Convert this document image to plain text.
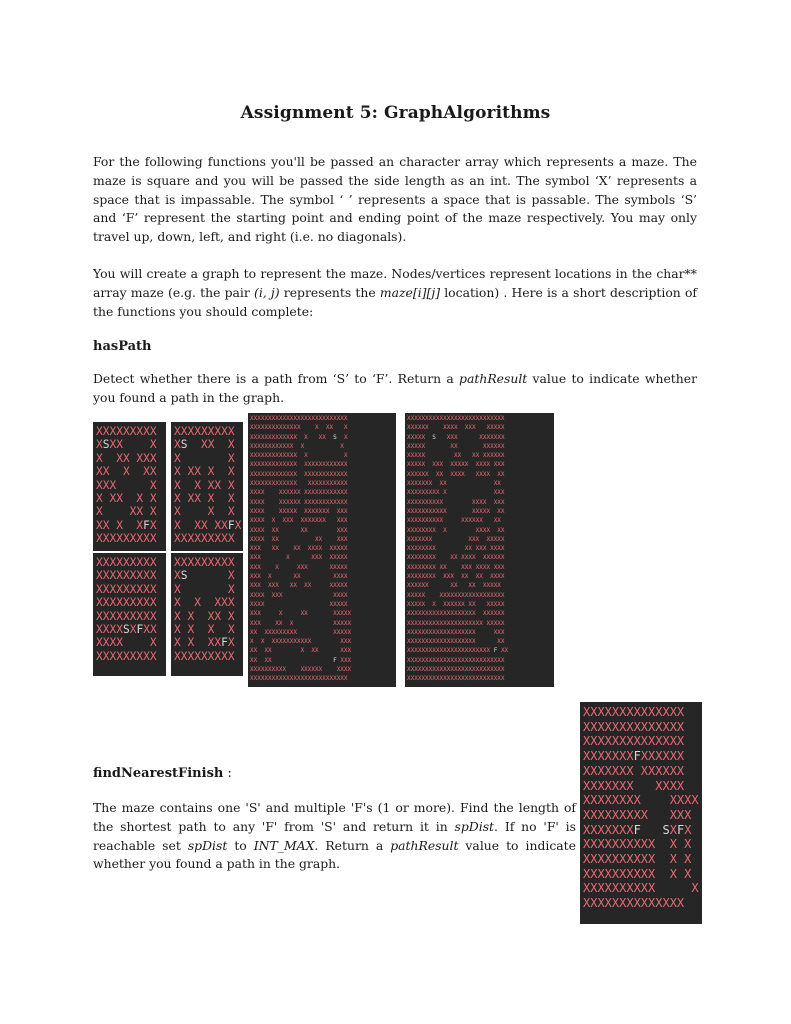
Assignment 5: GraphAlgorithms

For the following functions you'll be passed an character array which represents a maze. The maze is square and you will be passed the side length as an int. The symbol ‘X’ represents a space that is impassable. The symbol ‘ ’ represents a space that is passable. The symbols ‘S’ and ‘F’ represent the starting point and ending point of the maze respectively. You may only travel up, down, left, and right (i.e. no diagonals).

You will create a graph to represent the maze. Nodes/vertices represent locations in the char** array maze (e.g. the pair (i, j) represents the maze[i][j] location) . Here is a short description of the functions you should complete:

hasPath

Detect whether there is a path from ‘S’ to ‘F’. Return a pathResult value to indicate whether you found a path in the graph.

XXXXXXXXX
XSXX    X
X  XX XXX
XX  X  XX
XXX     X
X XX  X X
X    XX X
XX X  XFX
XXXXXXXXX
XXXXXXXXX
XS  XX  X
X       X
X XX X  X
X  X XX X
X XX X  X
X    X  X
X  XX XXFX
XXXXXXXXX
XXXXXXXXX
XXXXXXXXX
XXXXXXXXX
XXXXXXXXX
XXXXXXXXX
XXXXSXFXX
XXXX    X
XXXXXXXXX
XXXXXXXXX
XS      X
X       X
X  X  XXX
X X  XX X
X X  X  X
X X  XXFX
XXXXXXXXX
XXXXXXXXXXXXXXXXXXXXXXXXXXX
XXXXXXXXXXXXXX    X  XX   X
XXXXXXXXXXXXX  X   XX  S  X
XXXXXXXXXXXX  X          X
XXXXXXXXXXXXX  X          X
XXXXXXXXXXXXX  XXXXXXXXXXXX
XXXXXXXXXXXXX  XXXXXXXXXXXX
XXXXXXXXXXXXX   XXXXXXXXXXX
XXXX    XXXXXX XXXXXXXXXXXX
XXXX    XXXXXX XXXXXXXXXXXX
XXXX    XXXXX  XXXXXXX  XXX
XXXX  X  XXX  XXXXXXX   XXX
XXXX  XX      XX        XXX
XXXX  XX          XX    XXX
XXX   XX    XX  XXXX  XXXXX
XXX       X      XXX  XXXXX
XXX    X     XXX      XXXXX
XXX  X      XX         XXXX
XXX  XXX   XX  XX     XXXXX
XXXX  XXX              XXXX
XXXX                  XXXXX
XXX     X     XX       XXXXX
XXX    XX  X           XXXXX
XX  XXXXXXXXX          XXXXX
X  X  XXXXXXXXXXX        XXX
XX  XX        X  XX      XXX
XX  XX                 F XXX
XXXXXXXXXX    XXXXXX    XXXX
XXXXXXXXXXXXXXXXXXXXXXXXXXX
XXXXXXXXXXXXXXXXXXXXXXXXXXX
XXXXXX    XXXX  XXX   XXXXX
XXXXX  S   XXX      XXXXXXX
XXXXX       XX       XXXXXX
XXXXX        XX   XX XXXXXX
XXXXX  XXX  XXXXX  XXXX XXX
XXXXXX  XX  XXXX   XXXX  XX
XXXXXXX  XX             XX
XXXXXXXXX X             XXX
XXXXXXXXXX        XXXX  XXX
XXXXXXXXXXX       XXXXX  XX
XXXXXXXXXX     XXXXXX   XX
XXXXXXXX  X        XXXX  XX
XXXXXXX          XXX  XXXXX
XXXXXXXX        XX XXX XXXX
XXXXXXXX    XX XXXX  XXXXXX
XXXXXXXX XX    XXX XXXX XXX
XXXXXXXX  XXX  XX  XX  XXXX
XXXXXX      XX   XX  XXXXX
XXXXX    XXXXXXXXXXXXXXXXXX
XXXXX  X  XXXXXX XX   XXXXX
XXXXXXXXXXXXXXXXXXX  XXXXXX
XXXXXXXXXXXXXXXXXXXXX XXXXX
XXXXXXXXXXXXXXXXXXX     XXX
XXXXXXXXXXXXXXXXXXX      XX
XXXXXXXXXXXXXXXXXXXXXXX F XX
XXXXXXXXXXXXXXXXXXXXXXXXXXX
XXXXXXXXXXXXXXXXXXXXXXXXXXX
XXXXXXXXXXXXXXXXXXXXXXXXXXX
findNearestFinish :

The maze contains one 'S' and multiple 'F's (1 or more). Find the length of the shortest path to any 'F' from 'S' and return it in spDist. If no 'F' is reachable set spDist to INT_MAX. Return a pathResult value to indicate whether you found a path in the graph.

XXXXXXXXXXXXXX
XXXXXXXXXXXXXX
XXXXXXXXXXXXXX
XXXXXXXFXXXXXX
XXXXXXX XXXXXX
XXXXXXX   XXXX
XXXXXXXX    XXXX
XXXXXXXXX   XXX
XXXXXXXF SXFX
XXXXXXXXXX  X X
XXXXXXXXXX  X X
XXXXXXXXXX  X X
XXXXXXXXXX     X
XXXXXXXXXXXXXX
